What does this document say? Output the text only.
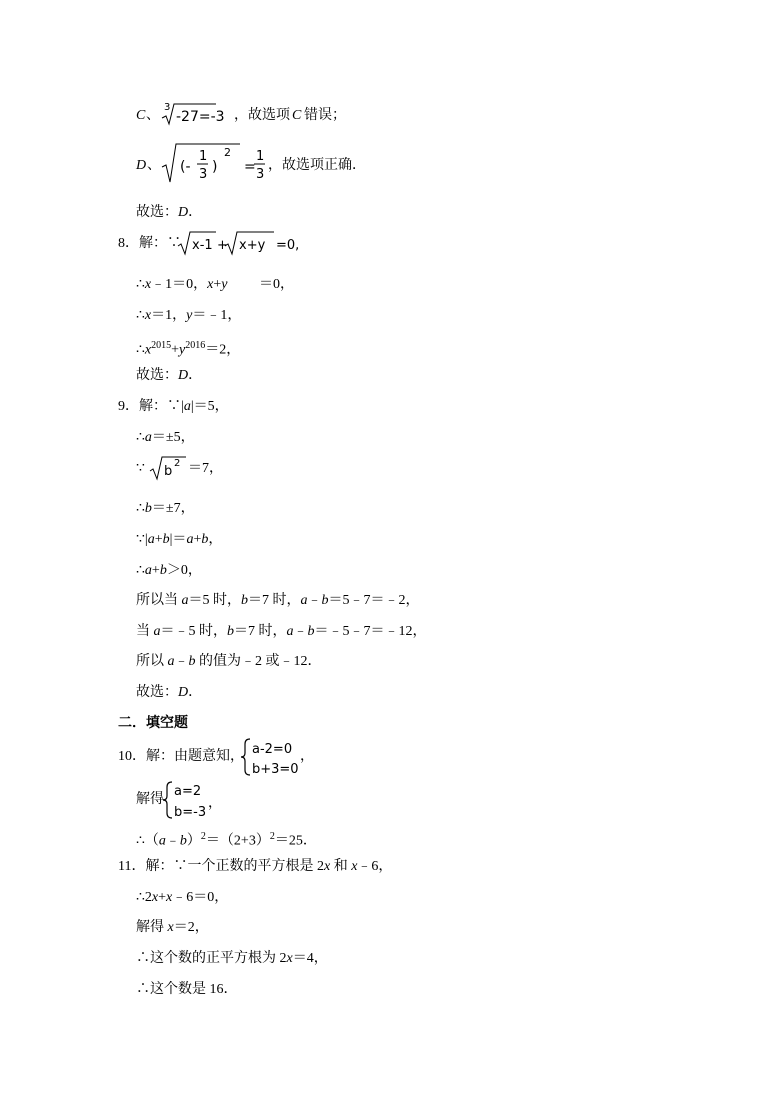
C 、
3
-27=-3 ，故选项 C 错误；
D 、 (-
1
3 )
2
=
1
3
，故选项正确．
故选：D．
8．解：∵ x-1 + x+y =0,
∴x﹣1＝0，x+y　　 ＝0，
∴x＝1，y＝﹣1，
$\therefore x^{2015}+y^{2016}=2$，
故选：D．
9．解：∵|a|＝5，
∴a＝±5，
∵ b
2 ＝7，
∴b＝±7，
∵|a+b|＝a+b，
∴a+b＞0，
所以当 a＝5 时，b＝7 时，a﹣b＝5﹣7＝﹣2，
当 a＝﹣5 时，b＝7 时，a﹣b＝﹣5﹣7＝﹣12，
所以 a﹣b 的值为﹣2 或﹣12．
故选：D．
二．填空题
10．解：由题意知， a-2=0
b+3=0
，
解得
a=2
b=-3
，
$\therefore(a﹣b)^2=(2+3)^2=25$．
11．解：∵一个正数的平方根是 2x 和 x﹣6，
∴2x+x﹣6＝0，
解得 x＝2，
∴这个数的正平方根为 2x＝4，
∴这个数是 16．
